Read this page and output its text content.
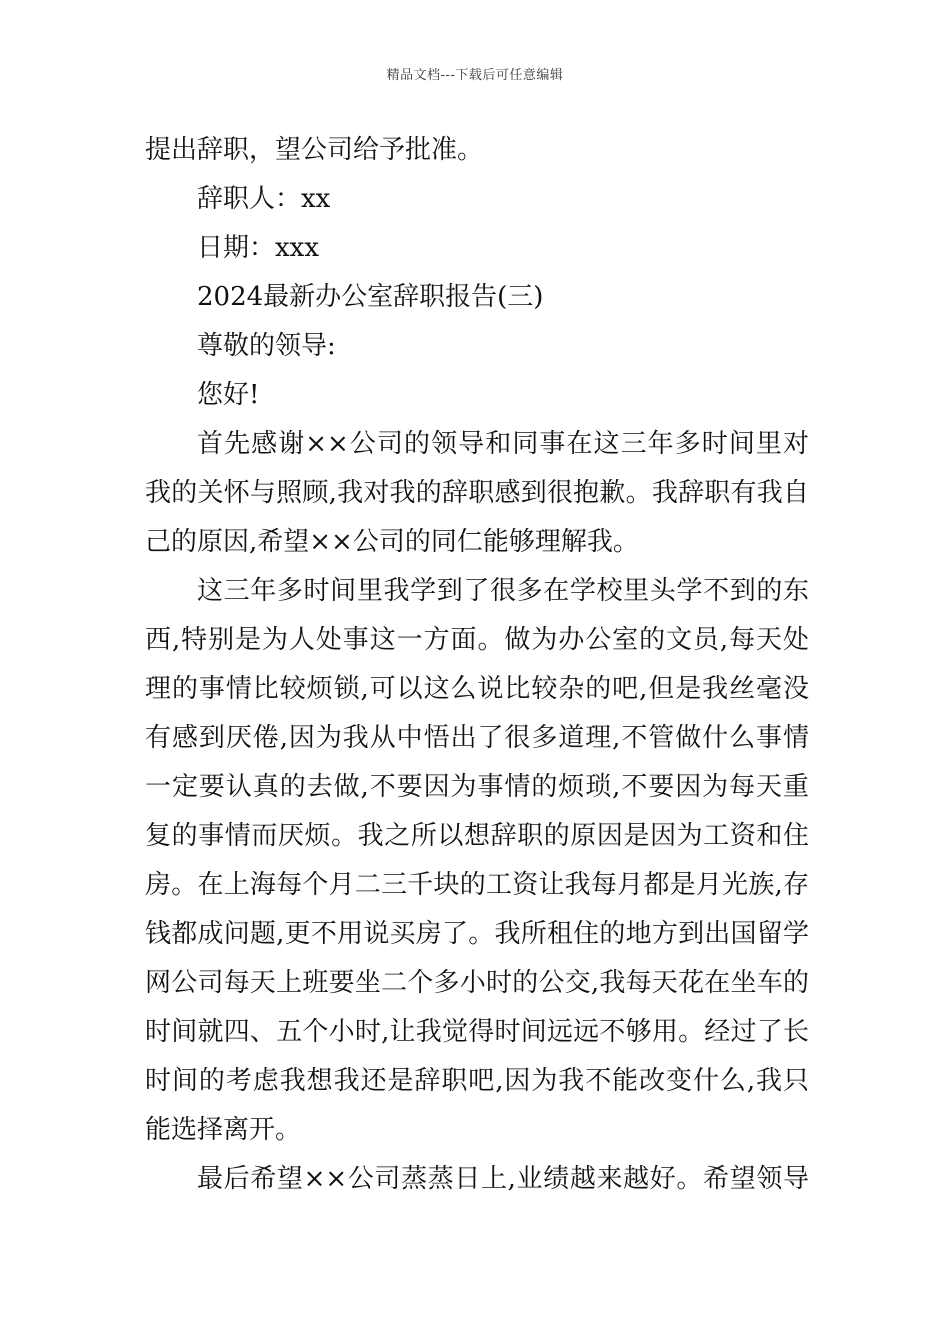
精品文档---下载后可任意编辑
提出辞职，望公司给予批准。
辞职人：xx
日期：xxx
2024最新办公室辞职报告(三)
尊敬的领导:
您好!
首先感谢××公司的领导和同事在这三年多时间里对
我的关怀与照顾,我对我的辞职感到很抱歉。我辞职有我自
己的原因,希望××公司的同仁能够理解我。
这三年多时间里我学到了很多在学校里头学不到的东
西,特别是为人处事这一方面。做为办公室的文员,每天处
理的事情比较烦锁,可以这么说比较杂的吧,但是我丝毫没
有感到厌倦,因为我从中悟出了很多道理,不管做什么事情
一定要认真的去做,不要因为事情的烦琐,不要因为每天重
复的事情而厌烦。我之所以想辞职的原因是因为工资和住
房。在上海每个月二三千块的工资让我每月都是月光族,存
钱都成问题,更不用说买房了。我所租住的地方到出国留学
网公司每天上班要坐二个多小时的公交,我每天花在坐车的
时间就四、五个小时,让我觉得时间远远不够用。经过了长
时间的考虑我想我还是辞职吧,因为我不能改变什么,我只
能选择离开。
最后希望××公司蒸蒸日上,业绩越来越好。希望领导
